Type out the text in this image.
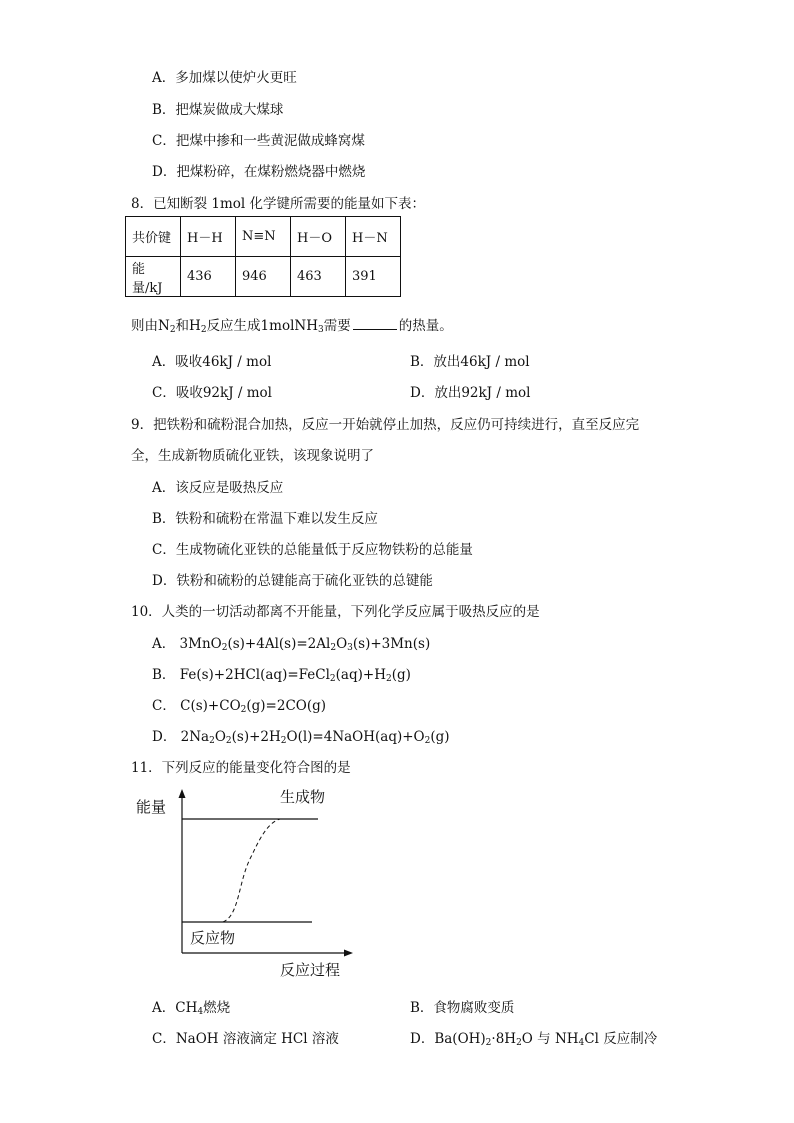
A．多加煤以使炉火更旺
B．把煤炭做成大煤球
C．把煤中掺和一些黄泥做成蜂窝煤
D．把煤粉碎，在煤粉燃烧器中燃烧
8．已知断裂 1mol 化学键所需要的能量如下表：
共价键	H－H	N≡N	H－O	H－N
能量/kJ	436	946	463	391
则由$N_2$和$H_2$反应生成1molNH$_3$需要	的热量。
A．吸收46kJ / mol	B．放出46kJ / mol
C．吸收92kJ / mol	D．放出92kJ / mol
9．把铁粉和硫粉混合加热，反应一开始就停止加热，反应仍可持续进行，直至反应完
全，生成新物质硫化亚铁，该现象说明了
A．该反应是吸热反应
B．铁粉和硫粉在常温下难以发生反应
C．生成物硫化亚铁的总能量低于反应物铁粉的总能量
D．铁粉和硫粉的总键能高于硫化亚铁的总键能
10．人类的一切活动都离不开能量，下列化学反应属于吸热反应的是
A． $3MnO_2(s)+4Al(s)=2Al_2O_3(s)+3Mn(s)$
B． $Fe(s)+2HCl(aq)=FeCl_2(aq)+H_2(g)$
C． $C(s)+CO_2(g)=2CO(g)$
D． $2Na_2O_2(s)+2H_2O(l)=4NaOH(aq)+O_2(g)$
11．下列反应的能量变化符合图的是
能量
生成物
反应物
反应过程
A．$CH_4$燃烧	B．食物腐败变质
C．NaOH 溶液滴定 HCl 溶液	D．$Ba(OH)_2\cdot 8H_2O$ 与 $NH_4Cl$ 反应制冷
